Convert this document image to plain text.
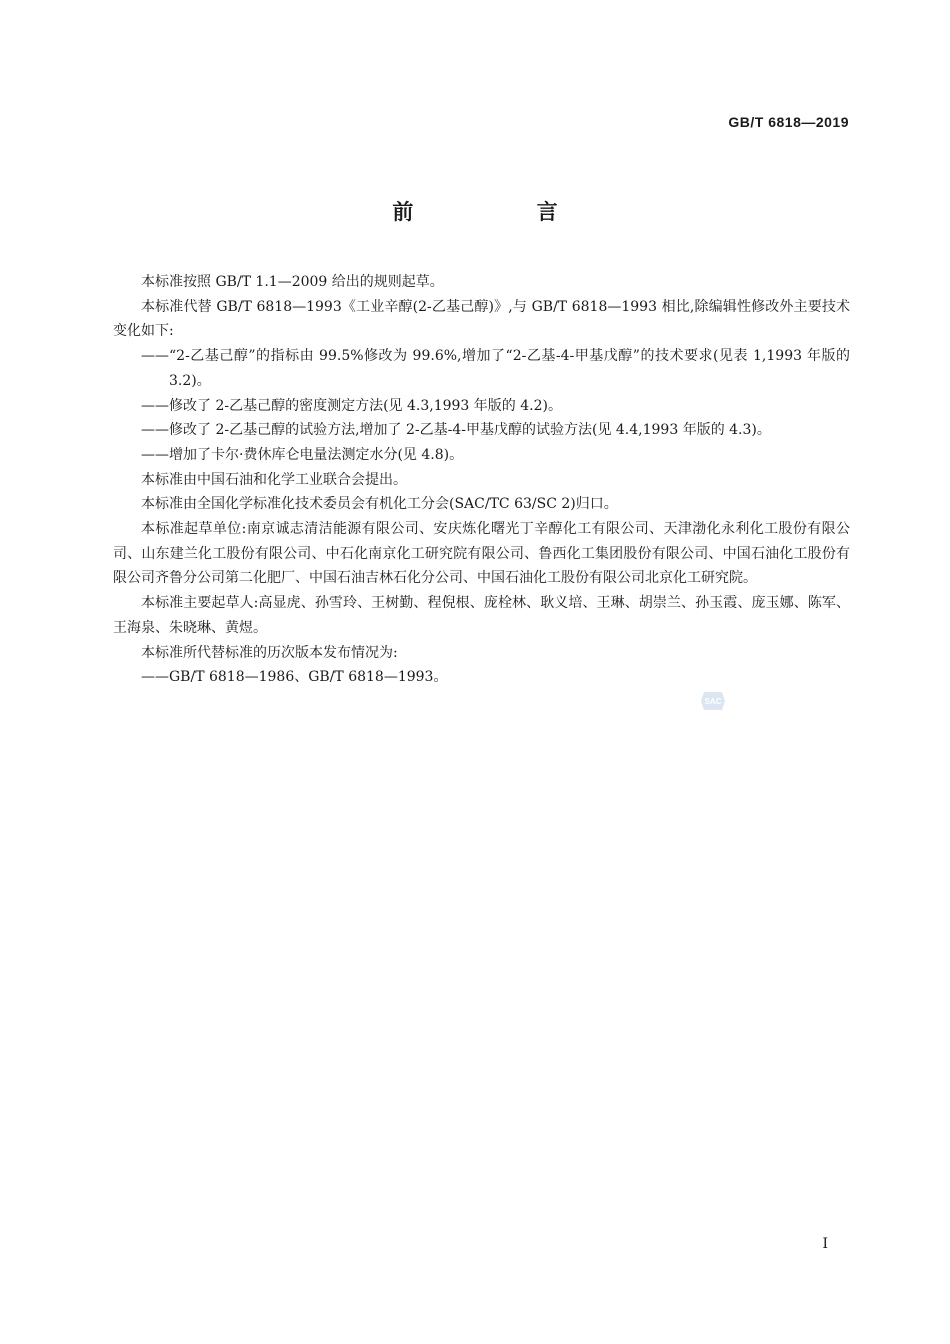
GB/T 6818—2019
前 言

本标准按照 GB/T 1.1—2009 给出的规则起草。

本标准代替 GB/T 6818—1993《工业辛醇(2-乙基己醇)》,与 GB/T 6818—1993 相比,除编辑性修改外主要技术变化如下:

——“2-乙基己醇”的指标由 99.5%修改为 99.6%,增加了“2-乙基-4-甲基戊醇”的技术要求(见表 1,1993 年版的 3.2)。

——修改了 2-乙基己醇的密度测定方法(见 4.3,1993 年版的 4.2)。

——修改了 2-乙基己醇的试验方法,增加了 2-乙基-4-甲基戊醇的试验方法(见 4.4,1993 年版的 4.3)。

——增加了卡尔·费休库仑电量法测定水分(见 4.8)。

本标准由中国石油和化学工业联合会提出。

本标准由全国化学标准化技术委员会有机化工分会(SAC/TC 63/SC 2)归口。

本标准起草单位:南京诚志清洁能源有限公司、安庆炼化曙光丁辛醇化工有限公司、天津渤化永利化工股份有限公司、山东建兰化工股份有限公司、中石化南京化工研究院有限公司、鲁西化工集团股份有限公司、中国石油化工股份有限公司齐鲁分公司第二化肥厂、中国石油吉林石化分公司、中国石油化工股份有限公司北京化工研究院。

本标准主要起草人:高显虎、孙雪玲、王树勤、程倪根、庞栓林、耿义培、王琳、胡崇兰、孙玉霞、庞玉娜、陈军、王海泉、朱晓琳、黄煜。

本标准所代替标准的历次版本发布情况为:

——GB/T 6818—1986、GB/T 6818—1993。

SAC
I
